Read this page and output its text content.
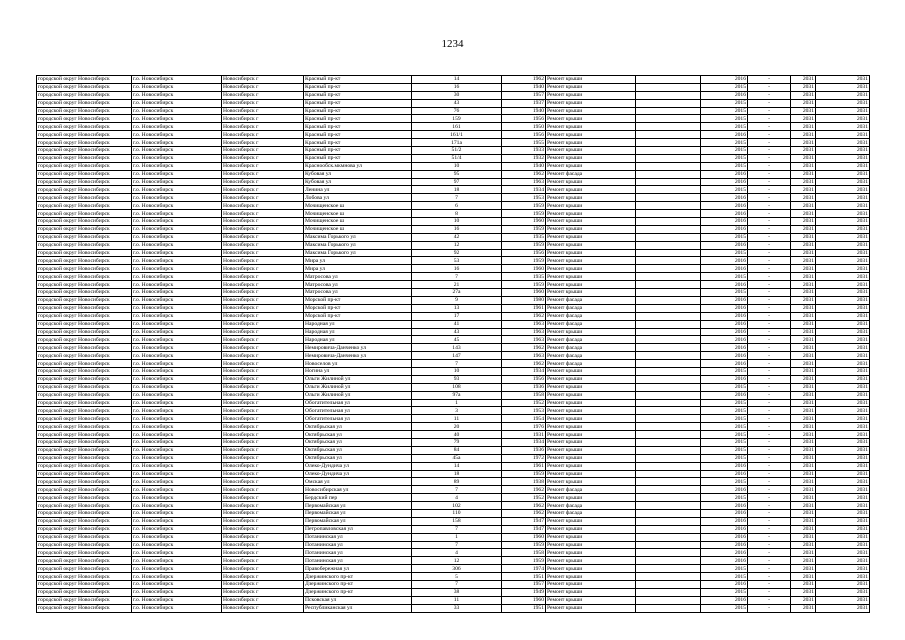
1234
городской округ Новосибирск	г.о. Новосибирск	Новосибирск г	Красный пр-кт	14	1962	Ремонт крыши		2016	-	2031	2031
городской округ Новосибирск	г.о. Новосибирск	Новосибирск г	Красный пр-кт	16	1940	Ремонт крыши		2015	-	2031	2031
городской округ Новосибирск	г.о. Новосибирск	Новосибирск г	Красный пр-кт	30	1957	Ремонт крыши		2016	-	2031	2031
городской округ Новосибирск	г.о. Новосибирск	Новосибирск г	Красный пр-кт	43	1937	Ремонт крыши		2015	-	2031	2031
городской округ Новосибирск	г.о. Новосибирск	Новосибирск г	Красный пр-кт	76	1940	Ремонт крыши		2015	-	2031	2031
городской округ Новосибирск	г.о. Новосибирск	Новосибирск г	Красный пр-кт	159	1956	Ремонт крыши		2015	-	2031	2031
городской округ Новосибирск	г.о. Новосибирск	Новосибирск г	Красный пр-кт	161	1950	Ремонт крыши		2015	-	2031	2031
городской округ Новосибирск	г.о. Новосибирск	Новосибирск г	Красный пр-кт	161/1	1956	Ремонт крыши		2016	-	2031	2031
городской округ Новосибирск	г.о. Новосибирск	Новосибирск г	Красный пр-кт	171а	1955	Ремонт крыши		2015	-	2031	2031
городской округ Новосибирск	г.о. Новосибирск	Новосибирск г	Красный пр-кт	51/2	1933	Ремонт крыши		2015	-	2031	2031
городской округ Новосибирск	г.о. Новосибирск	Новосибирск г	Красный пр-кт	51/4	1932	Ремонт крыши		2015	-	2031	2031
городской округ Новосибирск	г.о. Новосибирск	Новосибирск г	Краснообск.мкмнова ул	10	1940	Ремонт крыши		2015	-	2031	2031
городской округ Новосибирск	г.о. Новосибирск	Новосибирск г	Кубовая ул	95	1962	Ремонт фасада		2016	-	2031	2031
городской округ Новосибирск	г.о. Новосибирск	Новосибирск г	Кубовая ул	97	1963	Ремонт крыши		2016	-	2031	2031
городской округ Новосибирск	г.о. Новосибирск	Новосибирск г	Ленина ул	18	1934	Ремонт крыши		2015	-	2031	2031
городской округ Новосибирск	г.о. Новосибирск	Новосибирск г	Лобова ул	7	1953	Ремонт крыши		2016	-	2031	2031
городской округ Новосибирск	г.о. Новосибирск	Новосибирск г	Мочищенское ш	6	1959	Ремонт крыши		2016	-	2031	2031
городской округ Новосибирск	г.о. Новосибирск	Новосибирск г	Мочищенское ш	8	1959	Ремонт крыши		2016	-	2031	2031
городской округ Новосибирск	г.о. Новосибирск	Новосибирск г	Мочищенское ш	10	1960	Ремонт крыши		2016	-	2031	2031
городской округ Новосибирск	г.о. Новосибирск	Новосибирск г	Мочищенское ш	16	1959	Ремонт крыши		2016	-	2031	2031
городской округ Новосибирск	г.о. Новосибирск	Новосибирск г	Максима Горького ул	42	1935	Ремонт крыши		2015	-	2031	2031
городской округ Новосибирск	г.о. Новосибирск	Новосибирск г	Максима Горького ул	12	1959	Ремонт крыши		2016	-	2031	2031
городской округ Новосибирск	г.о. Новосибирск	Новосибирск г	Максима Горького ул	92	1956	Ремонт крыши		2015	-	2031	2031
городской округ Новосибирск	г.о. Новосибирск	Новосибирск г	Мира ул	53	1959	Ремонт крыши		2016	-	2031	2031
городской округ Новосибирск	г.о. Новосибирск	Новосибирск г	Мира ул	16	1960	Ремонт крыши		2016	-	2031	2031
городской округ Новосибирск	г.о. Новосибирск	Новосибирск г	Матросова ул	7	1935	Ремонт крыши		2015	-	2031	2031
городской округ Новосибирск	г.о. Новосибирск	Новосибирск г	Матросова ул	21	1959	Ремонт крыши		2016	-	2031	2031
городской округ Новосибирск	г.о. Новосибирск	Новосибирск г	Матросова ул	27а	1960	Ремонт крыши		2015	-	2031	2031
городской округ Новосибирск	г.о. Новосибирск	Новосибирск г	Морской пр-кт	9	1980	Ремонт фасада		2016	-	2031	2031
городской округ Новосибирск	г.о. Новосибирск	Новосибирск г	Морской пр-кт	13	1961	Ремонт фасада		2016	-	2031	2031
городской округ Новосибирск	г.о. Новосибирск	Новосибирск г	Морской пр-кт	17	1962	Ремонт фасада		2016	-	2031	2031
городской округ Новосибирск	г.о. Новосибирск	Новосибирск г	Народная ул	41	1963	Ремонт фасада		2016	-	2031	2031
городской округ Новосибирск	г.о. Новосибирск	Новосибирск г	Народная ул	43	1963	Ремонт крыши		2016	-	2031	2031
городской округ Новосибирск	г.о. Новосибирск	Новосибирск г	Народная ул	45	1963	Ремонт фасада		2016	-	2031	2031
городской округ Новосибирск	г.о. Новосибирск	Новосибирск г	Немировича-Данченко ул	143	1962	Ремонт фасада		2016	-	2031	2031
городской округ Новосибирск	г.о. Новосибирск	Новосибирск г	Немировича-Данченко ул	147	1963	Ремонт фасада		2016	-	2031	2031
городской округ Новосибирск	г.о. Новосибирск	Новосибирск г	Новоселов ул	7	1962	Ремонт фасада		2016	-	2031	2031
городской округ Новосибирск	г.о. Новосибирск	Новосибирск г	Ногина ул	10	1934	Ремонт крыши		2015	-	2031	2031
городской округ Новосибирск	г.о. Новосибирск	Новосибирск г	Ольги Жилиной ул	93	1956	Ремонт крыши		2016	-	2031	2031
городской округ Новосибирск	г.о. Новосибирск	Новосибирск г	Ольги Жилиной ул	108	1936	Ремонт крыши		2015	-	2031	2031
городской округ Новосибирск	г.о. Новосибирск	Новосибирск г	Ольги Жилиной ул	97а	1958	Ремонт крыши		2016	-	2031	2031
городской округ Новосибирск	г.о. Новосибирск	Новосибирск г	Обогатительная ул	1	1952	Ремонт крыши		2015	-	2031	2031
городской округ Новосибирск	г.о. Новосибирск	Новосибирск г	Обогатительная ул	3	1953	Ремонт крыши		2015	-	2031	2031
городской округ Новосибирск	г.о. Новосибирск	Новосибирск г	Обогатительная ул	11	1954	Ремонт крыши		2015	-	2031	2031
городской округ Новосибирск	г.о. Новосибирск	Новосибирск г	Октябрьская ул	20	1976	Ремонт крыши		2015	-	2031	2031
городской округ Новосибирск	г.о. Новосибирск	Новосибирск г	Октябрьская ул	40	1931	Ремонт крыши		2015	-	2031	2031
городской округ Новосибирск	г.о. Новосибирск	Новосибирск г	Октябрьская ул	79	1934	Ремонт крыши		2015	-	2031	2031
городской округ Новосибирск	г.о. Новосибирск	Новосибирск г	Октябрьская ул	84	1936	Ремонт крыши		2015	-	2031	2031
городской округ Новосибирск	г.о. Новосибирск	Новосибирск г	Октябрьская ул	45а	1972	Ремонт крыши		2015	-	2031	2031
городской округ Новосибирск	г.о. Новосибирск	Новосибирск г	Олеко-Дундича ул	14	1961	Ремонт крыши		2016	-	2031	2031
городской округ Новосибирск	г.о. Новосибирск	Новосибирск г	Олеко-Дундича ул	18	1959	Ремонт крыши		2016	-	2031	2031
городской округ Новосибирск	г.о. Новосибирск	Новосибирск г	Омская ул	89	1938	Ремонт крыши		2015	-	2031	2031
городской округ Новосибирск	г.о. Новосибирск	Новосибирск г	Новосибирская ул	7	1962	Ремонт фасада		2016	-	2031	2031
городской округ Новосибирск	г.о. Новосибирск	Новосибирск г	Бердский пер	4	1952	Ремонт крыши		2015	-	2031	2031
городской округ Новосибирск	г.о. Новосибирск	Новосибирск г	Первомайская ул	102	1962	Ремонт фасада		2016	-	2031	2031
городской округ Новосибирск	г.о. Новосибирск	Новосибирск г	Первомайская ул	110	1962	Ремонт фасада		2016	-	2031	2031
городской округ Новосибирск	г.о. Новосибирск	Новосибирск г	Первомайская ул	158	1947	Ремонт крыши		2016	-	2031	2031
городской округ Новосибирск	г.о. Новосибирск	Новосибирск г	Петропавловская ул	7	1947	Ремонт крыши		2016	-	2031	2031
городской округ Новосибирск	г.о. Новосибирск	Новосибирск г	Потанинская ул	1	1960	Ремонт крыши		2016	-	2031	2031
городской округ Новосибирск	г.о. Новосибирск	Новосибирск г	Потанинская ул	7	1959	Ремонт крыши		2016	-	2031	2031
городской округ Новосибирск	г.о. Новосибирск	Новосибирск г	Потанинская ул	4	1958	Ремонт крыши		2016	-	2031	2031
городской округ Новосибирск	г.о. Новосибирск	Новосибирск г	Потанинская ул	12	1959	Ремонт крыши		2016	-	2031	2031
городской округ Новосибирск	г.о. Новосибирск	Новосибирск г	Правобережная ул	306	1974	Ремонт крыши		2015	-	2031	2031
городской округ Новосибирск	г.о. Новосибирск	Новосибирск г	Дзержинского пр-кт	5	1951	Ремонт крыши		2015	-	2031	2031
городской округ Новосибирск	г.о. Новосибирск	Новосибирск г	Дзержинского пр-кт	7	1957	Ремонт крыши		2016	-	2031	2031
городской округ Новосибирск	г.о. Новосибирск	Новосибирск г	Дзержинского пр-кт	38	1949	Ремонт крыши		2015	-	2031	2031
городской округ Новосибирск	г.о. Новосибирск	Новосибирск г	Псковская ул	11	1960	Ремонт крыши		2016	-	2031	2031
городской округ Новосибирск	г.о. Новосибирск	Новосибирск г	Республиканская ул	33	1951	Ремонт крыши		2015	-	2031	2031
